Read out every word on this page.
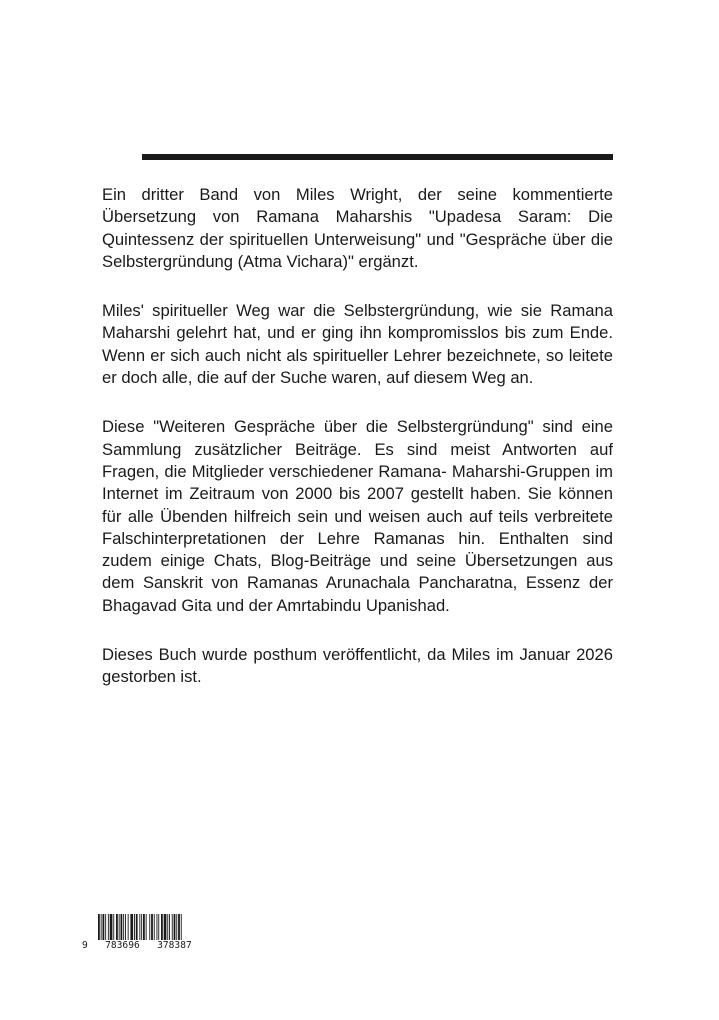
Ein dritter Band von Miles Wright, der seine kommentierte Übersetzung von Ramana Maharshis "Upadesa Saram: Die Quintessenz der spirituellen Unterweisung" und "Gespräche über die Selbstergründung (Atma Vichara)" ergänzt.

Miles' spiritueller Weg war die Selbstergründung, wie sie Ramana Maharshi gelehrt hat, und er ging ihn kompromisslos bis zum Ende. Wenn er sich auch nicht als spiritueller Lehrer bezeichnete, so leitete er doch alle, die auf der Suche waren, auf diesem Weg an.

Diese "Weiteren Gespräche über die Selbstergründung" sind eine Sammlung zusätzlicher Beiträge. Es sind meist Antworten auf Fragen, die Mitglieder verschiedener Ramana- Maharshi-Gruppen im Internet im Zeitraum von 2000 bis 2007 gestellt haben. Sie können für alle Übenden hilfreich sein und weisen auch auf teils verbreitete Falschinterpretationen der Lehre Ramanas hin. Enthalten sind zudem einige Chats, Blog-Beiträge und seine Übersetzungen aus dem Sanskrit von Ramanas Arunachala Pancharatna, Essenz der Bhagavad Gita und der Amrtabindu Upanishad.

Dieses Buch wurde posthum veröffentlicht, da Miles im Januar 2026 gestorben ist.

9   783696   378387
